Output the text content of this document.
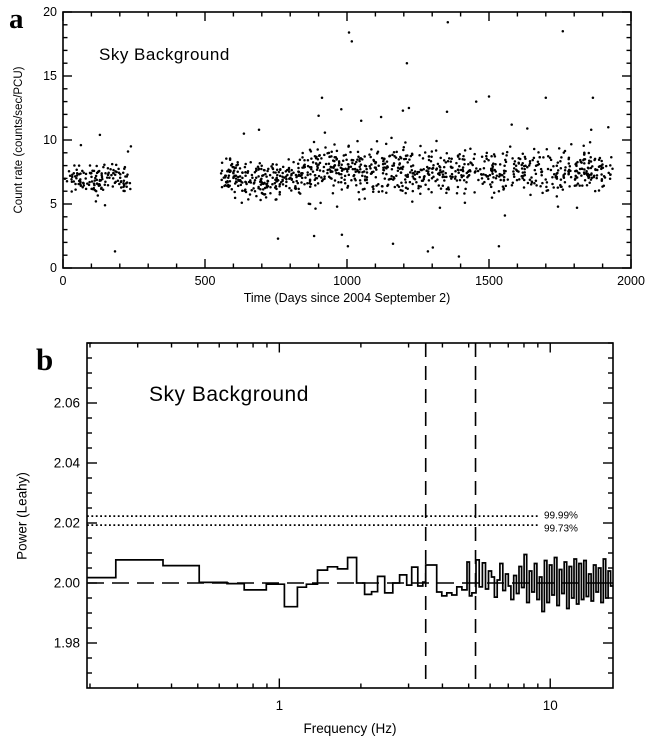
0	500	1000	1500	2000
0
5
10
15
20
1	10
1.98
2.00
2.02
2.04
2.06
99.99%
99.73%
a
Sky Background
Count rate (counts/sec/PCU)
Time (Days since 2004 September 2)
b
Sky Background
Power (Leahy)
Frequency (Hz)
